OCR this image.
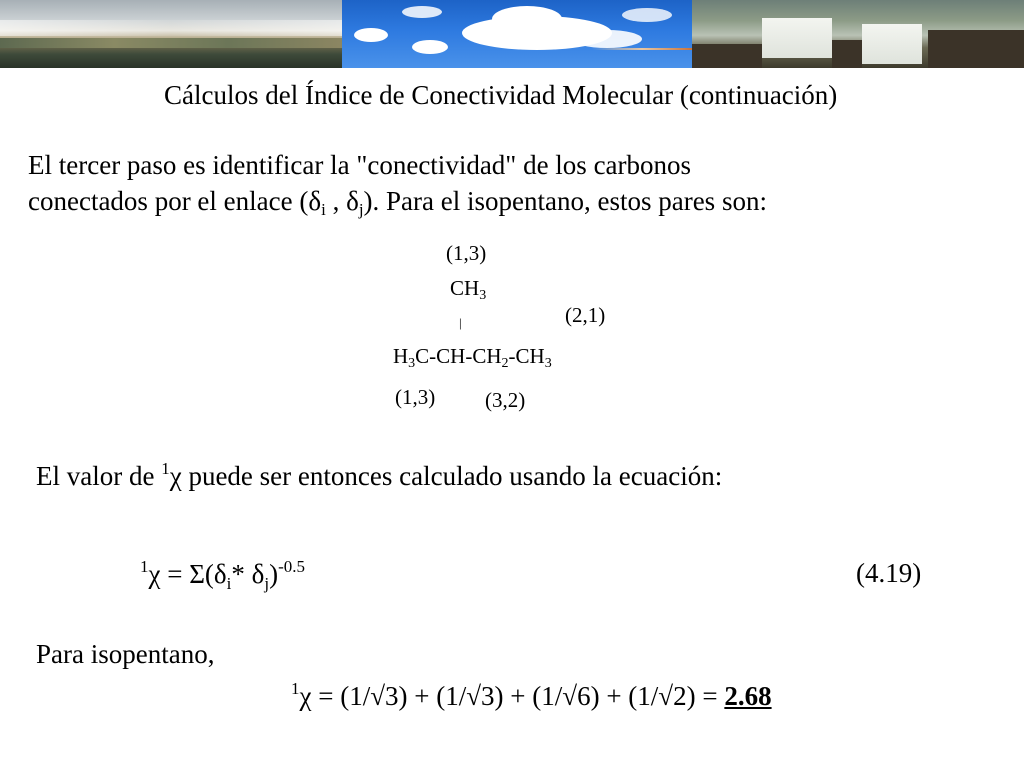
Cálculos del Índice de Conectividad Molecular (continuación)
El tercer paso es identificar la "conectividad" de los carbonos
conectados por el enlace ($\delta_i$ , $\delta_j$). Para el isopentano, estos pares son:
(1,3)
$CH_3$
|	(2,1)
$H_3C-CH-CH_2-CH_3$
(1,3) (3,2)
El valor de $^1$χ puede ser entonces calculado usando la ecuación:
$^1\chi = \Sigma(\delta_i*$ $\delta_j)^{-0.5}$	(4.19)
Para isopentano,
$^1$χ = (1/√3) + (1/√3) + (1/√6) + (1/√2) = 2.68
